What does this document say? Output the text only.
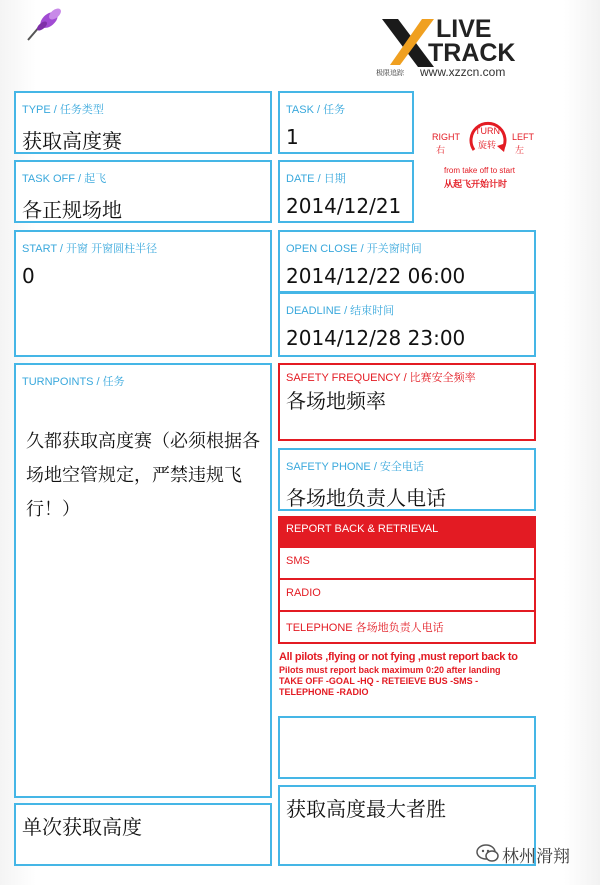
LIVE
TRACK
极限追踪 www.xzzcn.com
TYPE / 任务类型
获取高度赛
TASK / 任务
1	TURN
旋转
RIGHT
右
LEFT
左
from take off to start
从起飞开始计时
TASK OFF / 起飞
各正规场地
DATE / 日期
2014/12/21
START / 开窗 开窗圆柱半径
0
OPEN CLOSE / 开关窗时间
2014/12/22 06:00
DEADLINE / 结束时间
2014/12/28 23:00
TURNPOINTS / 任务
久都获取高度赛（必须根据各场地空管规定，严禁违规飞行！）
SAFETY FREQUENCY / 比赛安全频率
各场地频率
SAFETY PHONE / 安全电话
各场地负责人电话
REPORT BACK & RETRIEVAL
SMS
RADIO
TELEPHONE 各场地负责人电话
All pilots ,flying or not fying ,must report back to
Pilots must report back maximum 0:20 after landing
TAKE OFF -GOAL -HQ - RETEIEVE BUS -SMS -
TELEPHONE -RADIO
单次获取高度
获取高度最大者胜
林州滑翔
